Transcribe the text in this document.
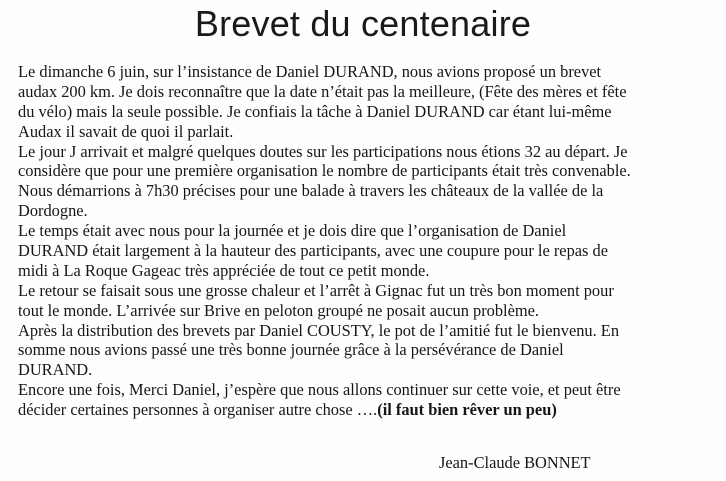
Brevet du centenaire
Le dimanche 6 juin, sur l’insistance de Daniel DURAND, nous avions proposé un brevet
audax 200 km. Je dois reconnaître que la date n’était pas la meilleure, (Fête des mères et fête
du vélo) mais la seule possible. Je confiais la tâche à Daniel DURAND car étant lui-même
Audax il savait de quoi il parlait.
Le jour J arrivait et malgré quelques doutes sur les participations nous étions 32 au départ. Je
considère que pour une première organisation le nombre de participants était très convenable.
Nous démarrions à 7h30 précises pour une balade à travers les châteaux de la vallée de la
Dordogne.
Le temps était avec nous pour la journée et je dois dire que l’organisation de Daniel
DURAND était largement à la hauteur des participants, avec une coupure pour le repas de
midi à La Roque Gageac très appréciée de tout ce petit monde.
Le retour se faisait sous une grosse chaleur et l’arrêt à Gignac fut un très bon moment pour
tout le monde. L’arrivée sur Brive en peloton groupé ne posait aucun problème.
Après la distribution des brevets par Daniel COUSTY, le pot de l’amitié fut le bienvenu. En
somme nous avions passé une très bonne journée grâce à la persévérance de Daniel
DURAND.
Encore une fois, Merci Daniel, j’espère que nous allons continuer sur cette voie, et peut être
décider certaines personnes à organiser autre chose ….(il faut bien rêver un peu)
Jean-Claude BONNET
